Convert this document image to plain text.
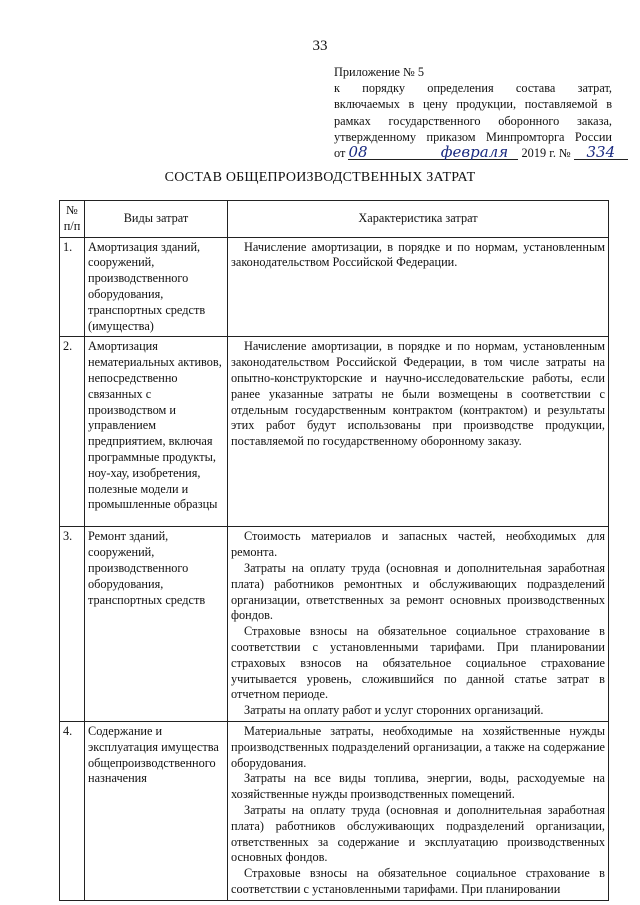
33
Приложение № 5
к порядку определения состава затрат,
включаемых в цену продукции, поставляемой в
рамках государственного оборонного заказа,
утвержденному приказом Минпромторга России
от 08	февраля 2019 г. № 334
СОСТАВ ОБЩЕПРОИЗВОДСТВЕННЫХ ЗАТРАТ
№ п/п	Виды затрат	Характеристика затрат
1.	Амортизация зданий, сооружений, производственного оборудования, транспортных средств (имущества)	Начисление амортизации, в порядке и по нормам, установленным законодательством Российской Федерации.

2.	Амортизация нематериальных активов, непосредственно связанных с производством и управлением предприятием, включая программные продукты, ноу-хау, изобретения, полезные модели и промышленные образцы	Начисление амортизации, в порядке и по нормам, установленным законодательством Российской Федерации, в том числе затраты на опытно-конструкторские и научно-исследовательские работы, если ранее указанные затраты не были возмещены в соответствии с отдельным государственным контрактом (контрактом) и результаты этих работ будут использованы при производстве продукции, поставляемой по государственному оборонному заказу.

3.	Ремонт зданий, сооружений, производственного оборудования, транспортных средств	Стоимость материалов и запасных частей, необходимых для ремонта.

Затраты на оплату труда (основная и дополнительная заработная плата) работников ремонтных и обслуживающих подразделений организации, ответственных за ремонт основных производственных фондов.

Страховые взносы на обязательное социальное страхование в соответствии с установленными тарифами. При планировании страховых взносов на обязательное социальное страхование учитывается уровень, сложившийся по данной статье затрат в отчетном периоде.

Затраты на оплату работ и услуг сторонних организаций.

4.	Содержание и эксплуатация имущества общепроизводственного назначения	Материальные затраты, необходимые на хозяйственные нужды производственных подразделений организации, а также на содержание оборудования.

Затраты на все виды топлива, энергии, воды, расходуемые на хозяйственные нужды производственных помещений.

Затраты на оплату труда (основная и дополнительная заработная плата) работников обслуживающих подразделений организации, ответственных за содержание и эксплуатацию производственных основных фондов.

Страховые взносы на обязательное социальное страхование в соответствии с установленными тарифами. При планировании
